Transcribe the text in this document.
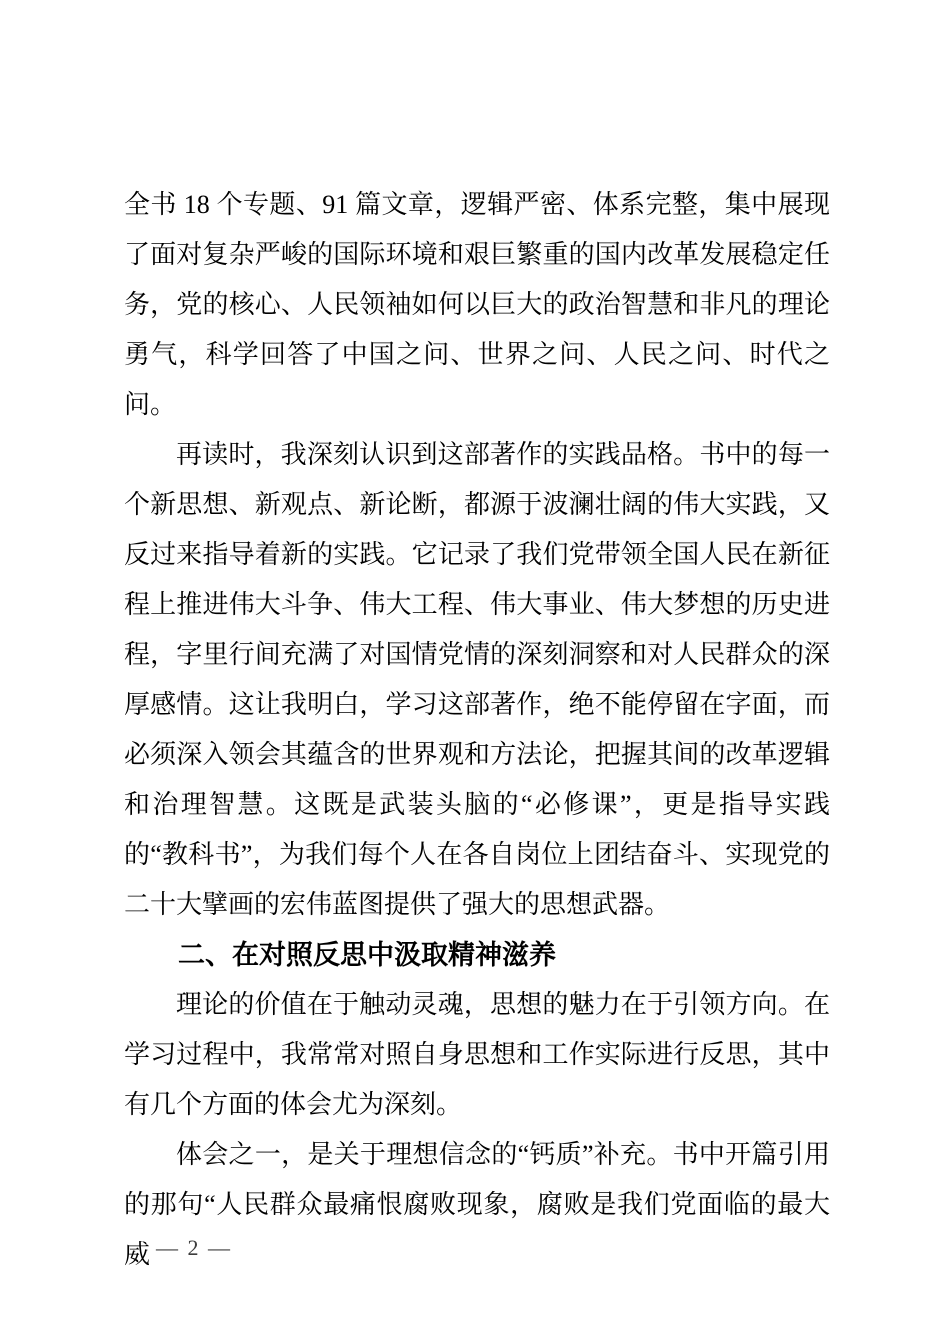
全书 18 个专题、91 篇文章，逻辑严密、体系完整，集中展现了面对复杂严峻的国际环境和艰巨繁重的国内改革发展稳定任务，党的核心、人民领袖如何以巨大的政治智慧和非凡的理论勇气，科学回答了中国之问、世界之问、人民之问、时代之问。

再读时，我深刻认识到这部著作的实践品格。书中的每一个新思想、新观点、新论断，都源于波澜壮阔的伟大实践，又反过来指导着新的实践。它记录了我们党带领全国人民在新征程上推进伟大斗争、伟大工程、伟大事业、伟大梦想的历史进程，字里行间充满了对国情党情的深刻洞察和对人民群众的深厚感情。这让我明白，学习这部著作，绝不能停留在字面，而必须深入领会其蕴含的世界观和方法论，把握其间的改革逻辑和治理智慧。这既是武装头脑的“必修课”，更是指导实践的“教科书”，为我们每个人在各自岗位上团结奋斗、实现党的二十大擘画的宏伟蓝图提供了强大的思想武器。

二、在对照反思中汲取精神滋养

理论的价值在于触动灵魂，思想的魅力在于引领方向。在学习过程中，我常常对照自身思想和工作实际进行反思，其中有几个方面的体会尤为深刻。

体会之一，是关于理想信念的“钙质”补充。书中开篇引用的那句“人民群众最痛恨腐败现象，腐败是我们党面临的最大威 — 2 —
